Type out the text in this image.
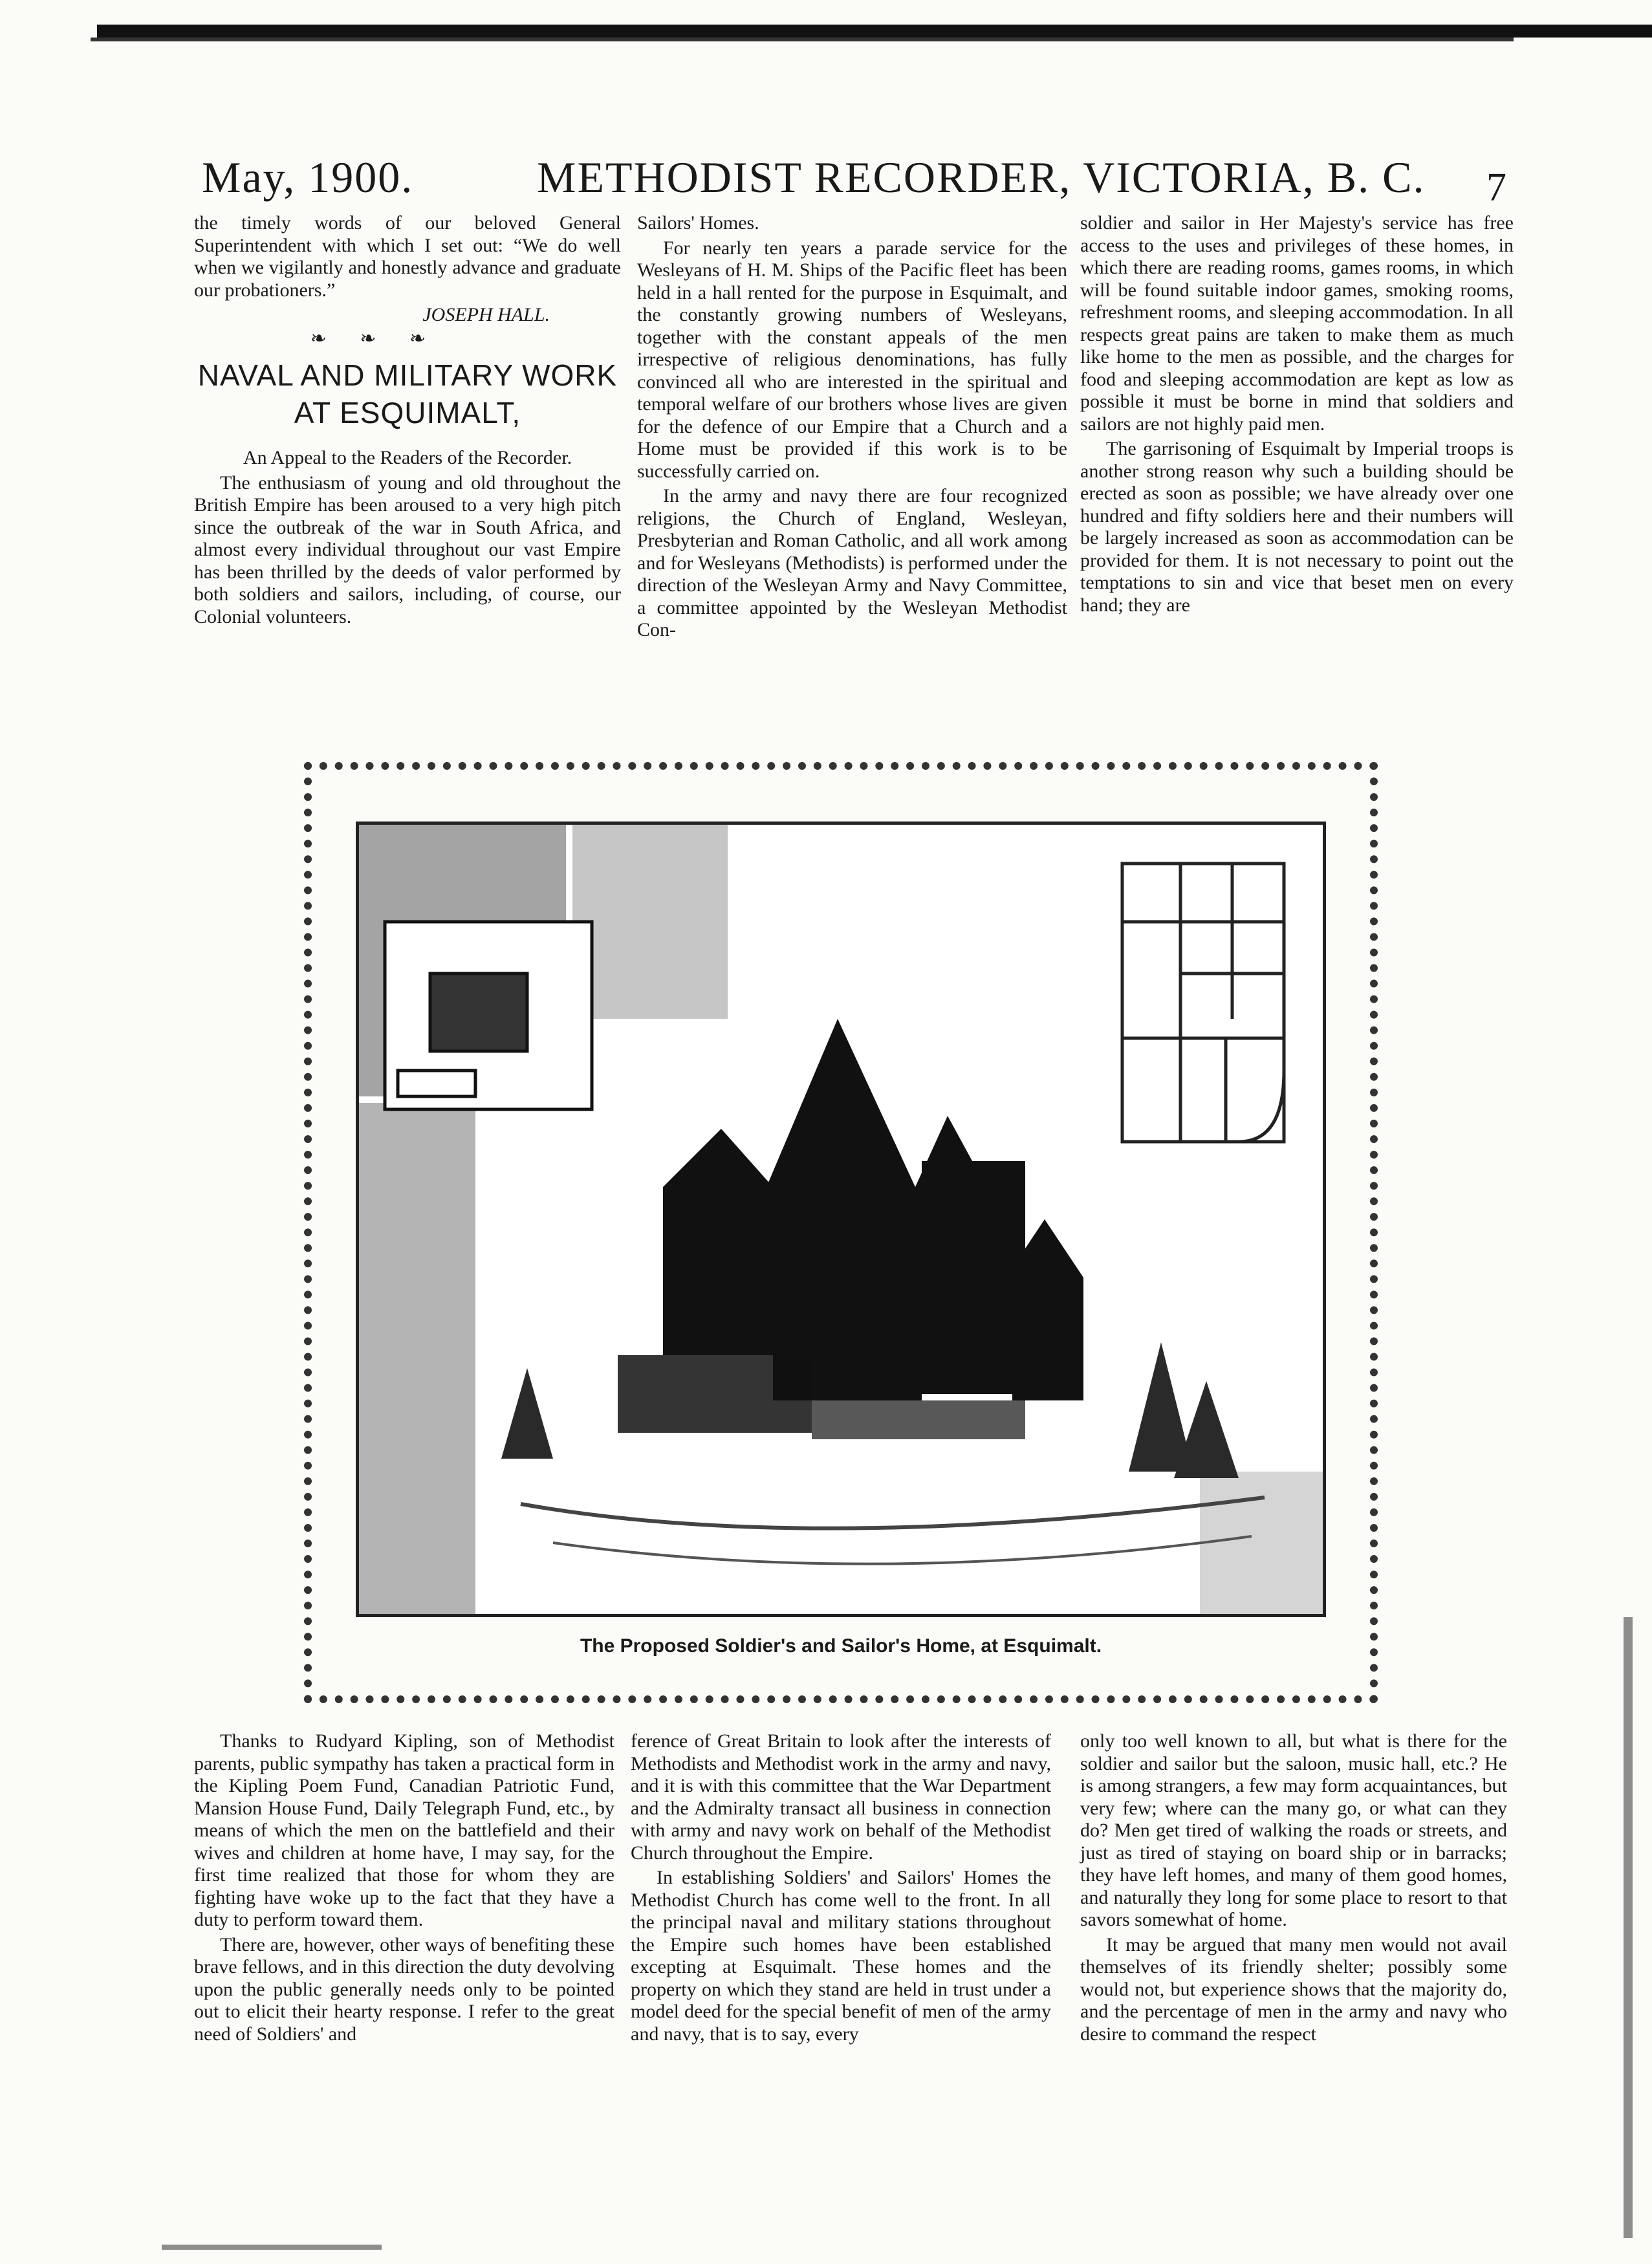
May, 1900.	METHODIST RECORDER, VICTORIA, B. C. 7

the timely words of our beloved General Superintendent with which I set out: “We do well when we vigilantly and honestly advance and graduate our probationers.”

JOSEPH HALL.

❧ ❧ ❧
NAVAL AND MILITARY WORK AT ESQUIMALT,

An Appeal to the Readers of the Recorder.

The enthusiasm of young and old throughout the British Empire has been aroused to a very high pitch since the outbreak of the war in South Africa, and almost every individual throughout our vast Empire has been thrilled by the deeds of valor performed by both soldiers and sailors, including, of course, our Colonial volunteers.

Sailors' Homes.

For nearly ten years a parade service for the Wesleyans of H. M. Ships of the Pacific fleet has been held in a hall rented for the purpose in Esquimalt, and the constantly growing numbers of Wesleyans, together with the constant appeals of the men irrespective of religious denominations, has fully convinced all who are interested in the spiritual and temporal welfare of our brothers whose lives are given for the defence of our Empire that a Church and a Home must be provided if this work is to be successfully carried on.

In the army and navy there are four recognized religions, the Church of England, Wesleyan, Presbyterian and Roman Catholic, and all work among and for Wesleyans (Methodists) is performed under the direction of the Wesleyan Army and Navy Committee, a committee appointed by the Wesleyan Methodist Con-

soldier and sailor in Her Majesty's service has free access to the uses and privileges of these homes, in which there are reading rooms, games rooms, in which will be found suitable indoor games, smoking rooms, refreshment rooms, and sleeping accommodation. In all respects great pains are taken to make them as much like home to the men as possible, and the charges for food and sleeping accommodation are kept as low as possible it must be borne in mind that soldiers and sailors are not highly paid men.

The garrisoning of Esquimalt by Imperial troops is another strong reason why such a building should be erected as soon as possible; we have already over one hundred and fifty soldiers here and their numbers will be largely increased as soon as accommodation can be provided for them. It is not necessary to point out the temptations to sin and vice that beset men on every hand; they are

The Proposed Soldier's and Sailor's Home, at Esquimalt.

Thanks to Rudyard Kipling, son of Methodist parents, public sympathy has taken a practical form in the Kipling Poem Fund, Canadian Patriotic Fund, Mansion House Fund, Daily Telegraph Fund, etc., by means of which the men on the battlefield and their wives and children at home have, I may say, for the first time realized that those for whom they are fighting have woke up to the fact that they have a duty to perform toward them.

There are, however, other ways of benefiting these brave fellows, and in this direction the duty devolving upon the public generally needs only to be pointed out to elicit their hearty response. I refer to the great need of Soldiers' and

ference of Great Britain to look after the interests of Methodists and Methodist work in the army and navy, and it is with this committee that the War Department and the Admiralty transact all business in connection with army and navy work on behalf of the Methodist Church throughout the Empire.

In establishing Soldiers' and Sailors' Homes the Methodist Church has come well to the front. In all the principal naval and military stations throughout the Empire such homes have been established excepting at Esquimalt. These homes and the property on which they stand are held in trust under a model deed for the special benefit of men of the army and navy, that is to say, every

only too well known to all, but what is there for the soldier and sailor but the saloon, music hall, etc.? He is among strangers, a few may form acquaintances, but very few; where can the many go, or what can they do? Men get tired of walking the roads or streets, and just as tired of staying on board ship or in barracks; they have left homes, and many of them good homes, and naturally they long for some place to resort to that savors somewhat of home.

It may be argued that many men would not avail themselves of its friendly shelter; possibly some would not, but experience shows that the majority do, and the percentage of men in the army and navy who desire to command the respect
